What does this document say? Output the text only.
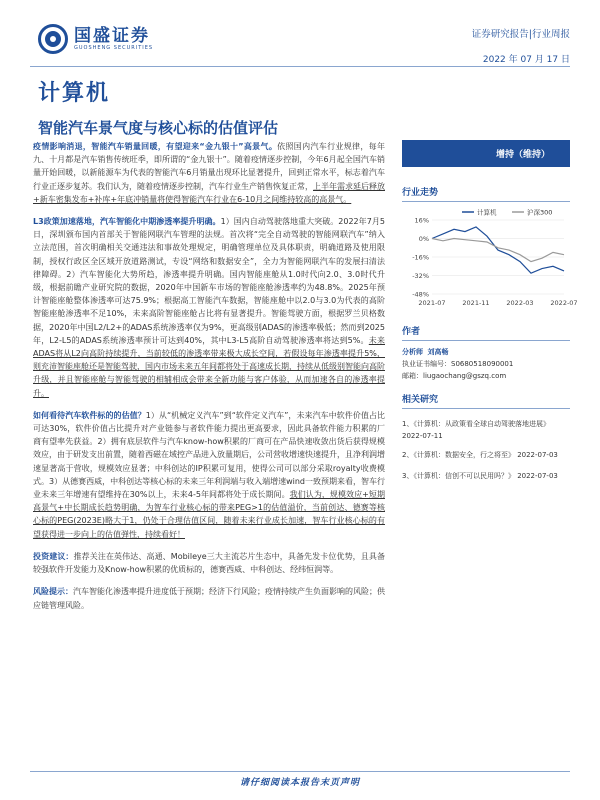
国盛证券
GUOSHENG SECURITIES
证券研究报告|行业周报
2022 年 07 月 17 日
计算机
智能汽车景气度与核心标的估值评估

疫情影响消退，智能汽车销量回暖，有望迎来“金九银十”高景气。依照国内汽车行业规律，每年九、十月都是汽车销售传统旺季，即所谓的“金九银十”。随着疫情逐步控制，今年6月起全国汽车销量开始回暖，以新能源车为代表的智能汽车6月销量出现环比显著提升，回到正常水平，标志着汽车行业正逐步复苏。我们认为，随着疫情逐步控制，汽车行业生产销售恢复正常，上半年需求延后释放+新车密集发布+补库+年底冲销量将使得智能汽车行业在6-10月之间维持较高的高景气。

L3政策加速落地，汽车智能化中期渗透率提升明确。1）国内自动驾驶落地重大突破。2022年7月5日，深圳颁布国内首部关于智能网联汽车管理的法规。首次将“完全自动驾驶的智能网联汽车”纳入立法范围，首次明确相关交通违法和事故处理规定，明确管理单位及具体职责，明确道路及使用限制，授权行政区全区域开放道路测试，专设“网络和数据安全”，全力为智能网联汽车的发展扫清法律障碍。2）汽车智能化大势所趋，渗透率提升明确。国内智能座舱从1.0时代向2.0、3.0时代升级，根据前瞻产业研究院的数据，2020年中国新车市场的智能座舱渗透率约为48.8%。2025年预计智能座舱整体渗透率可达75.9%；根据高工智能汽车数据，智能座舱中以2.0与3.0为代表的高阶智能座舱渗透率不足10%，未来高阶智能座舱占比将有显著提升。智能驾驶方面，根据罗兰贝格数据，2020年中国L2/L2+的ADAS系统渗透率仅为9%，更高级别ADAS的渗透率极低；然而到2025年，L2-L5的ADAS系统渗透率预计可达到40%，其中L3-L5高阶自动驾驶渗透率将达到5%。未来ADAS将从L2向高阶持续提升，当前较低的渗透率带来极大成长空间，若假设每年渗透率提升5%，则充沛智能座舱还是智能驾驶，国内市场未来五年间都将处于高速成长期，持续从低级别智能向高阶升级，并且智能座舱与智能驾驶的相辅相成会带来全新功能与客户体验，从而加速各自的渗透率提升。

如何看待汽车软件标的的估值？1）从“机械定义汽车”到“软件定义汽车”，未来汽车中软件价值占比可达30%，软件价值占比提升对产业链参与者软件能力提出更高要求，因此具备软件能力积累的厂商有望率先获益。2）拥有底层软件与汽车know-how积累的厂商可在产品快速收敛出货后获得规模效应，由于研发支出前置，随着西磁在域控产品进入放量期后，公司营收增速快速提升，且净利润增速显著高于营收，规模效应显著；中科创达的IP积累可复用，使得公司可以部分采取royalty收费模式。3）从德赛西威，中科创达等核心标的未来三年利润端与收入端增速wind一致预期来看，智车行业未来三年增速有望维持在30%以上，未来4-5年间都将处于成长期间。我们认为，规模效应+短期高景气+中长期成长趋势明确，为智车行业核心标的带来PEG>1的估值溢价，当前创达、德赛等核心标的PEG(2023E)略大于1，仍处于合理估值区间，随着未来行业成长加速，智车行业核心标的有望获得进一步向上的估值弹性，持续看好！

投资建议：推荐关注在英伟达、高通、Mobileye三大主流芯片生态中，具备先发卡位优势，且具备较强软件开发能力及Know-how积累的优质标的，德赛西威、中科创达、经纬恒润等。

风险提示：汽车智能化渗透率提升进度低于预期；经济下行风险；疫情持续产生负面影响的风险；供应链管理风险。

增持（维持）
行业走势
16%
0%
-16%
-32%
-48%
2021-07	2021-11	2022-03	2022-07
计算机	沪深300
作者
分析师 刘高畅
执业证书编号：S0680518090001
邮箱：liugaochang@gszq.com
相关研究
1、《计算机：从政策看全球自动驾驶落地进展》
2022-07-11
2、《计算机：数据安全，行之将至》 2022-07-03
3、《计算机：信创不可以民用吗？》 2022-07-03
请仔细阅读本报告末页声明
